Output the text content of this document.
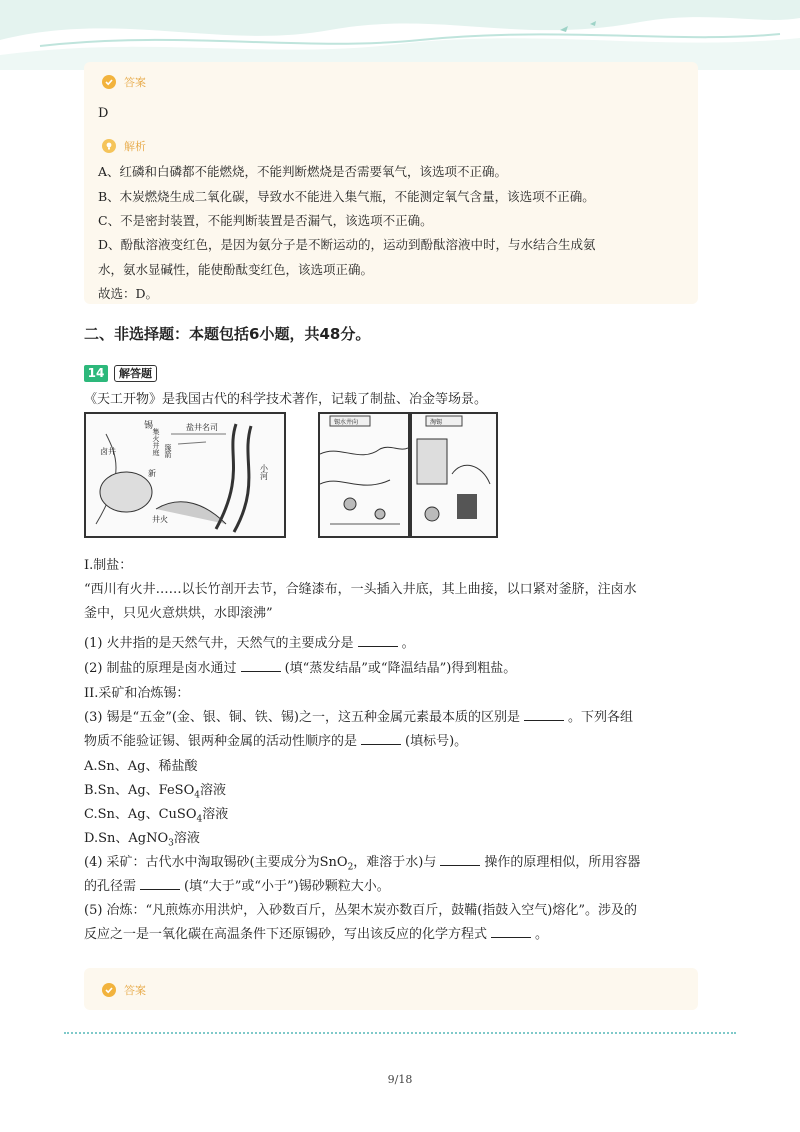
答案
D
解析
A、红磷和白磷都不能燃烧，不能判断燃烧是否需要氧气，该选项不正确。
B、木炭燃烧生成二氧化碳，导致水不能进入集气瓶，不能测定氧气含量，该选项不正确。
C、不是密封装置，不能判断装置是否漏气，该选项不正确。
D、酚酞溶液变红色，是因为氨分子是不断运动的，运动到酚酞溶液中时，与水结合生成氨
水，氨水显碱性，能使酚酞变红色，该选项正确。
故选：D。
二、非选择题：本题包括6小题，共48分。
14	解答题
《天工开物》是我国古代的科学技术著作，记载了制盐、冶金等场景。
盐井名司
锡
集火井庭 篾箭
卤井
新	小河
井火
锡水井向	淘锡
I.制盐：
“西川有火井……以长竹剖开去节，合缝漆布，一头插入井底，其上曲接，以口紧对釜脐，注卤水
釜中，只见火意烘烘，水即滚沸”
(1) 火井指的是天然气井，天然气的主要成分是	。
(2) 制盐的原理是卤水通过	(填“蒸发结晶”或“降温结晶”)得到粗盐。
II.采矿和冶炼锡：
(3) 锡是“五金”(金、银、铜、铁、锡)之一，这五种金属元素最本质的区别是	。下列各组
物质不能验证锡、银两种金属的活动性顺序的是	(填标号)。
A.Sn、Ag、稀盐酸
B.Sn、Ag、FeSO$_4$溶液
C.Sn、Ag、CuSO$_4$溶液
D.Sn、AgNO$_3$溶液
(4) 采矿：古代水中淘取锡砂(主要成分为SnO$_2$，难溶于水)与	操作的原理相似，所用容器
的孔径需	(填“大于”或“小于”)锡砂颗粒大小。
(5) 冶炼：“凡煎炼亦用洪炉，入砂数百斤，丛架木炭亦数百斤，鼓鞴(指鼓入空气)熔化”。涉及的
反应之一是一氧化碳在高温条件下还原锡砂，写出该反应的化学方程式	。
答案
9/18
